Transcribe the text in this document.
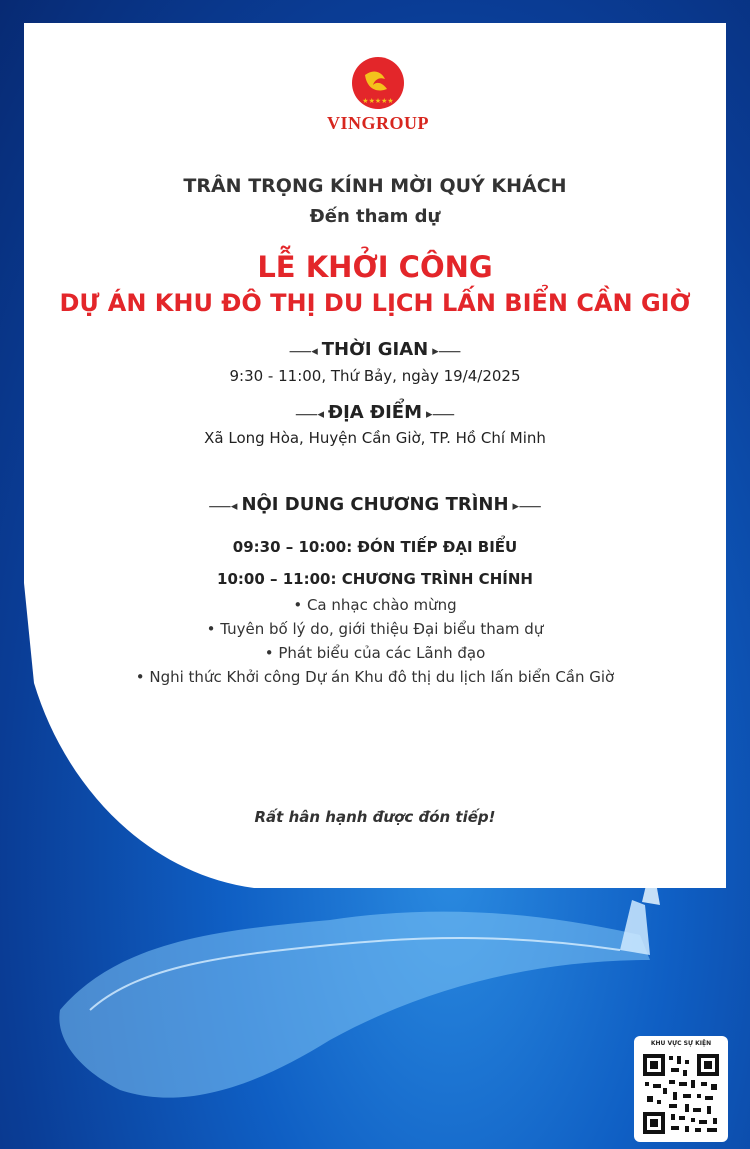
★★★★★
VINGROUP
TRÂN TRỌNG KÍNH MỜI QUÝ KHÁCH
Đến tham dự
LỄ KHỞI CÔNG
DỰ ÁN KHU ĐÔ THỊ DU LỊCH LẤN BIỂN CẦN GIỜ
⸺◂ THỜI GIAN ▸⸺
9:30 - 11:00, Thứ Bảy, ngày 19/4/2025
⸺◂ ĐỊA ĐIỂM ▸⸺
Xã Long Hòa, Huyện Cần Giờ, TP. Hồ Chí Minh
⸺◂ NỘI DUNG CHƯƠNG TRÌNH ▸⸺
09:30 – 10:00: ĐÓN TIẾP ĐẠI BIỂU
10:00 – 11:00: CHƯƠNG TRÌNH CHÍNH
• Ca nhạc chào mừng
• Tuyên bố lý do, giới thiệu Đại biểu tham dự
• Phát biểu của các Lãnh đạo
• Nghi thức Khởi công Dự án Khu đô thị du lịch lấn biển Cần Giờ
Rất hân hạnh được đón tiếp!
KHU VỰC SỰ KIỆN
